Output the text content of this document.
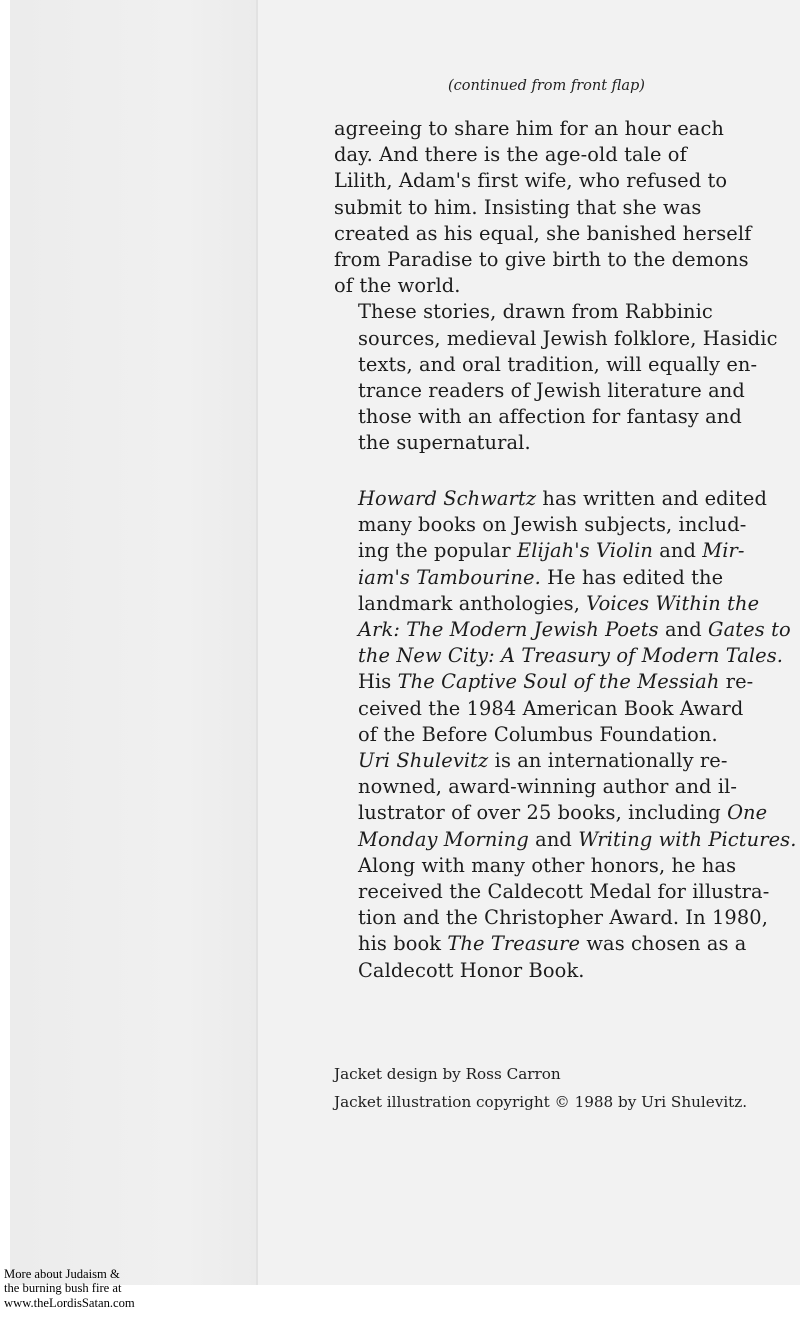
(continued from front flap)

agreeing to share him for an hour each
day. And there is the age-old tale of
Lilith, Adam's first wife, who refused to
submit to him. Insisting that she was
created as his equal, she banished herself
from Paradise to give birth to the demons
of the world.

These stories, drawn from Rabbinic
sources, medieval Jewish folklore, Hasidic
texts, and oral tradition, will equally en-
trance readers of Jewish literature and
those with an affection for fantasy and
the supernatural.

Howard Schwartz has written and edited
many books on Jewish subjects, includ-
ing the popular Elijah's Violin and Mir-
iam's Tambourine. He has edited the
landmark anthologies, Voices Within the
Ark: The Modern Jewish Poets and Gates to
the New City: A Treasury of Modern Tales.
His The Captive Soul of the Messiah re-
ceived the 1984 American Book Award
of the Before Columbus Foundation.

Uri Shulevitz is an internationally re-
nowned, award-winning author and il-
lustrator of over 25 books, including One
Monday Morning and Writing with Pictures.
Along with many other honors, he has
received the Caldecott Medal for illustra-
tion and the Christopher Award. In 1980,
his book The Treasure was chosen as a
Caldecott Honor Book.

Jacket design by Ross Carron
Jacket illustration copyright © 1988 by Uri Shulevitz.
More about Judaism &
the burning bush fire at
www.theLordisSatan.com
